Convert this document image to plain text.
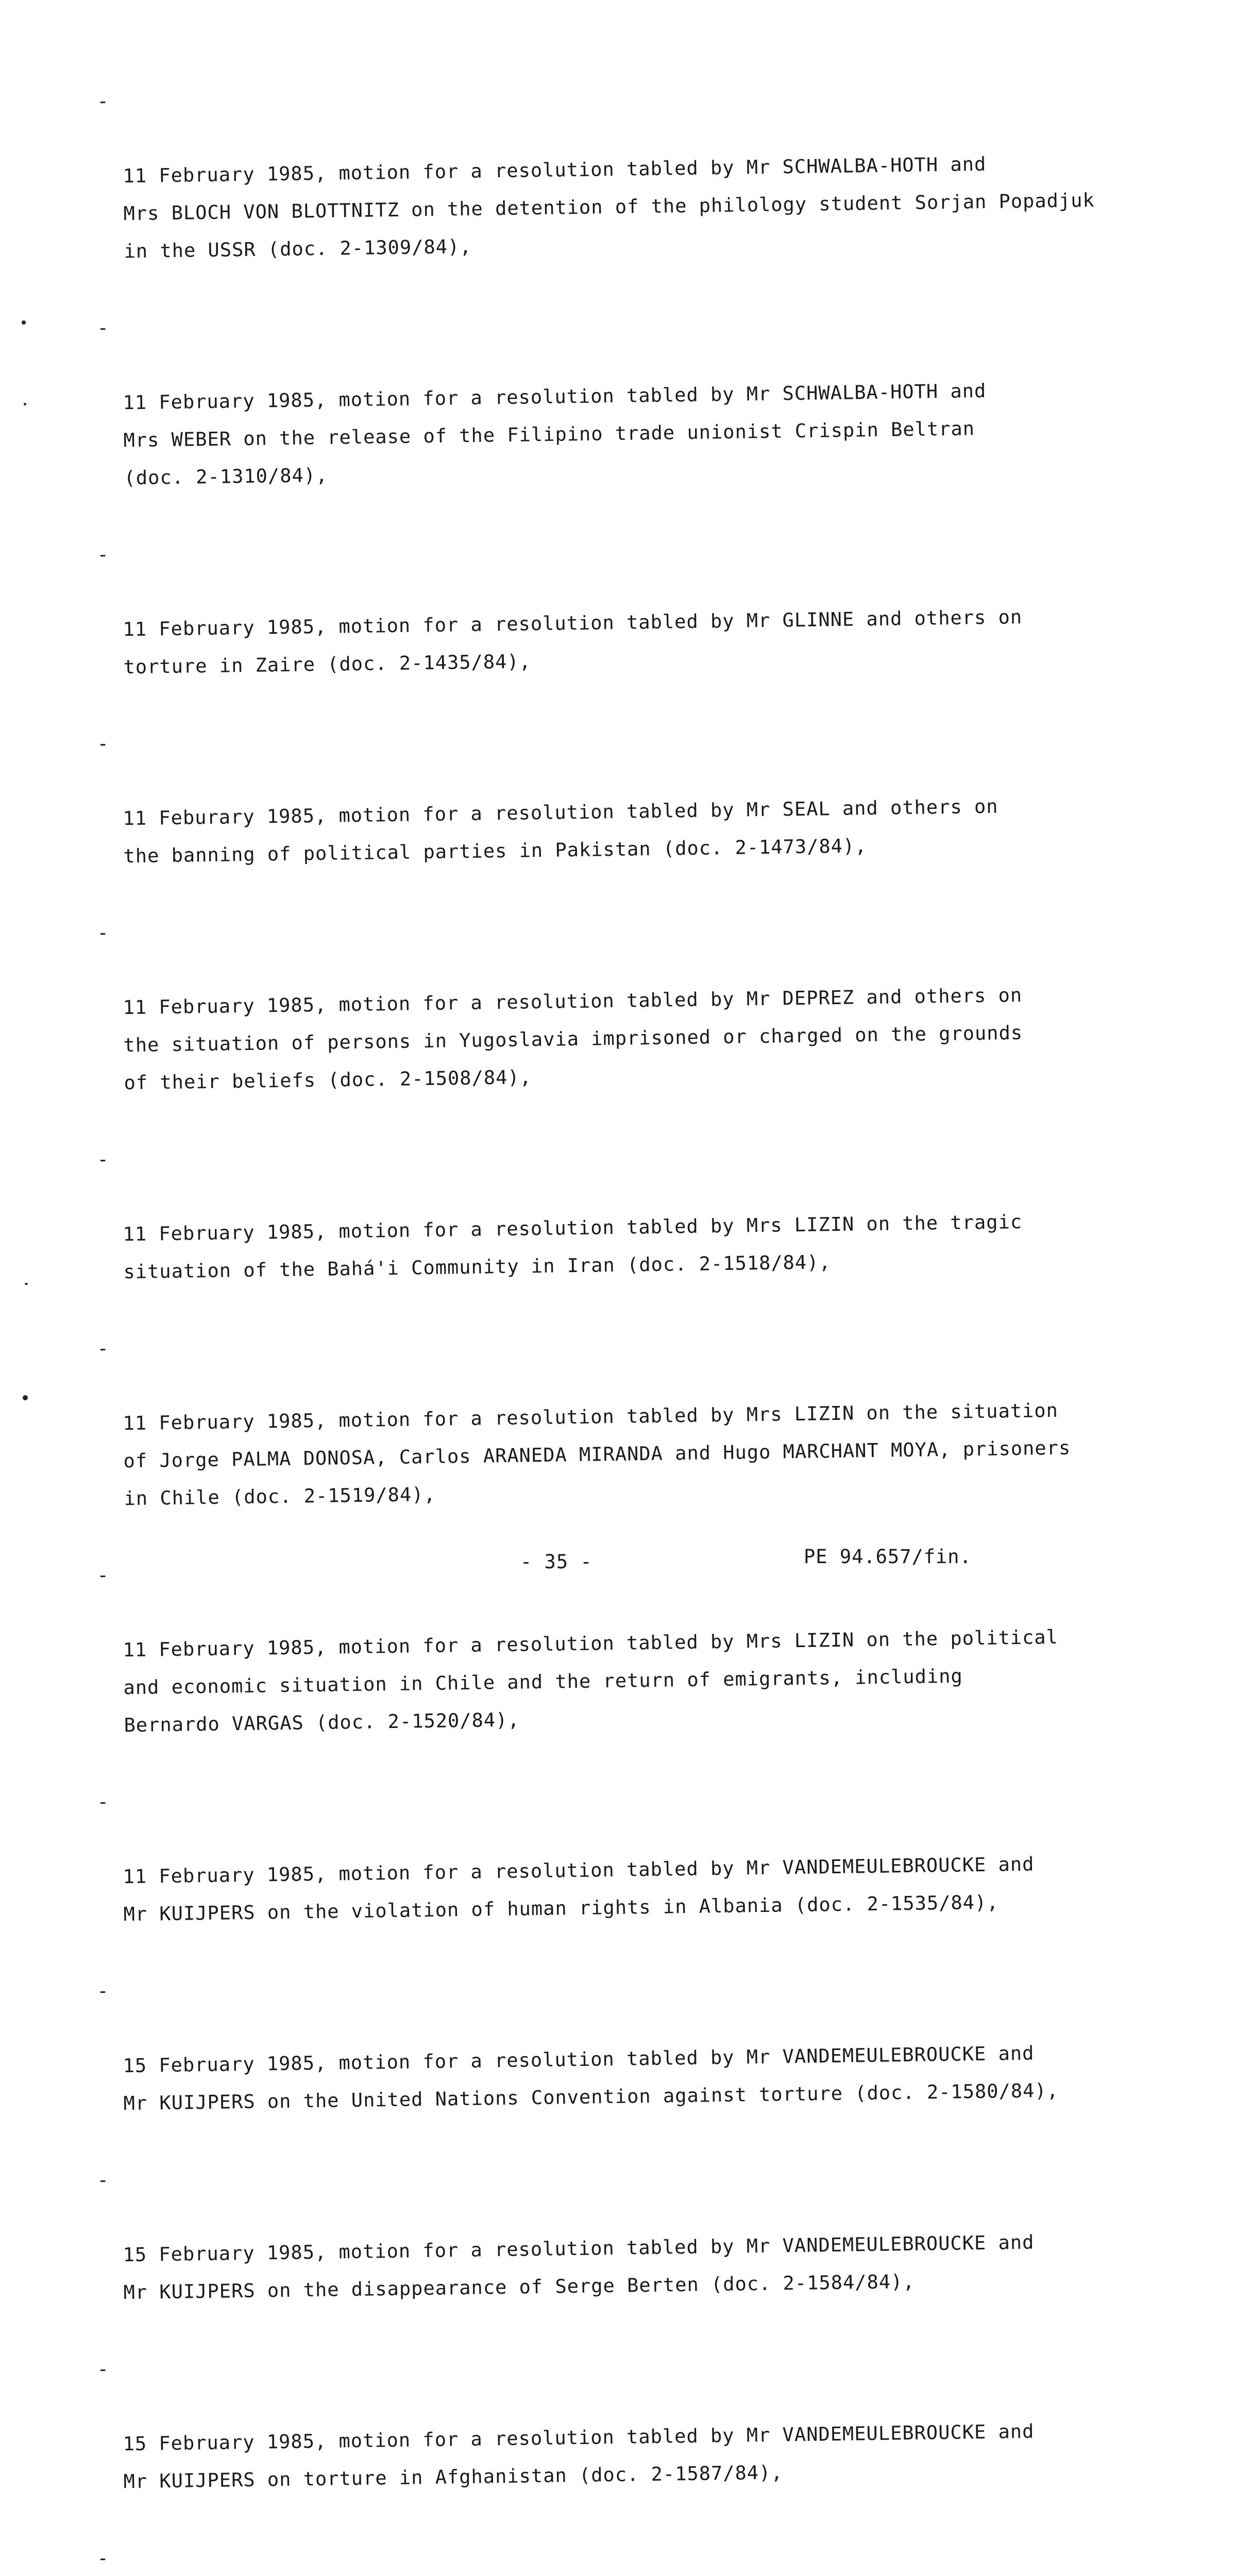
-

11 February 1985, motion for a resolution tabled by Mr SCHWALBA-HOTH and
Mrs BLOCH VON BLOTTNITZ on the detention of the philology student Sorjan Popadjuk
in the USSR (doc. 2-1309/84),

-

11 February 1985, motion for a resolution tabled by Mr SCHWALBA-HOTH and
Mrs WEBER on the release of the Filipino trade unionist Crispin Beltran
(doc. 2-1310/84),

-

11 February 1985, motion for a resolution tabled by Mr GLINNE and others on
torture in Zaire (doc. 2-1435/84),

-

11 Feburary 1985, motion for a resolution tabled by Mr SEAL and others on
the banning of political parties in Pakistan (doc. 2-1473/84),

-

11 February 1985, motion for a resolution tabled by Mr DEPREZ and others on
the situation of persons in Yugoslavia imprisoned or charged on the grounds
of their beliefs (doc. 2-1508/84),

-

11 February 1985, motion for a resolution tabled by Mrs LIZIN on the tragic
situation of the Bahá'i Community in Iran (doc. 2-1518/84),

-

11 February 1985, motion for a resolution tabled by Mrs LIZIN on the situation
of Jorge PALMA DONOSA, Carlos ARANEDA MIRANDA and Hugo MARCHANT MOYA, prisoners
in Chile (doc. 2-1519/84),

-

11 February 1985, motion for a resolution tabled by Mrs LIZIN on the political
and economic situation in Chile and the return of emigrants, including
Bernardo VARGAS (doc. 2-1520/84),

-

11 February 1985, motion for a resolution tabled by Mr VANDEMEULEBROUCKE and
Mr KUIJPERS on the violation of human rights in Albania (doc. 2-1535/84),

-

15 February 1985, motion for a resolution tabled by Mr VANDEMEULEBROUCKE and
Mr KUIJPERS on the United Nations Convention against torture (doc. 2-1580/84),

-

15 February 1985, motion for a resolution tabled by Mr VANDEMEULEBROUCKE and
Mr KUIJPERS on the disappearance of Serge Berten (doc. 2-1584/84),

-

15 February 1985, motion for a resolution tabled by Mr VANDEMEULEBROUCKE and
Mr KUIJPERS on torture in Afghanistan (doc. 2-1587/84),

-

- 35 -	PE 94.657/fin.
